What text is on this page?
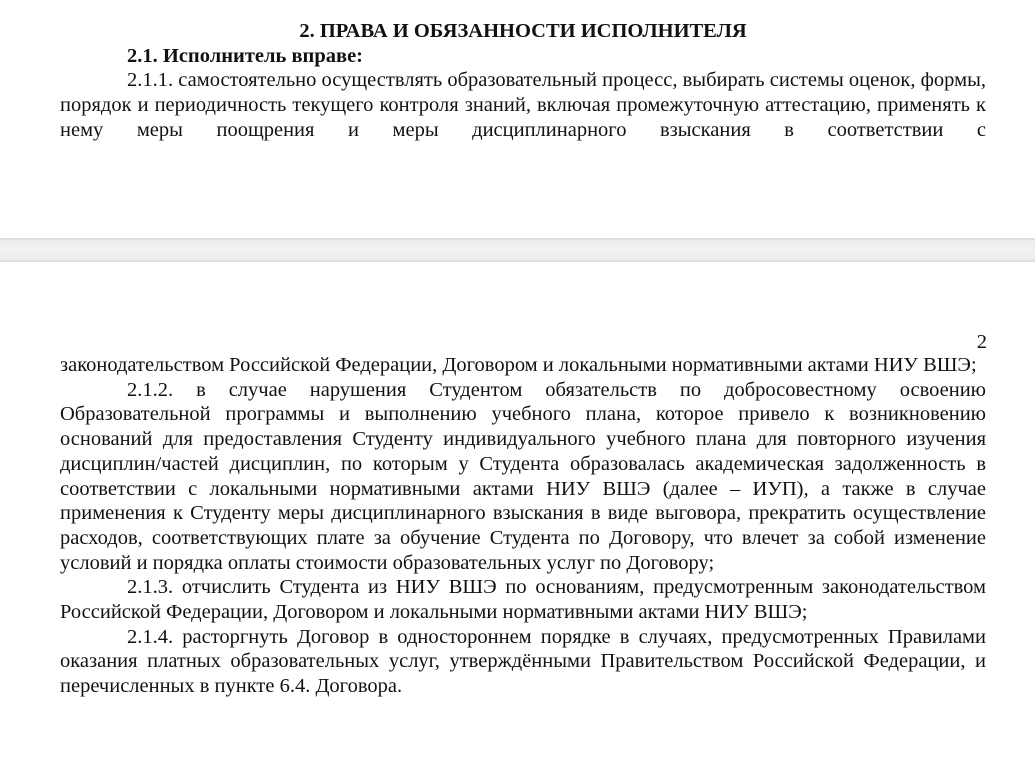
2. ПРАВА И ОБЯЗАННОСТИ ИСПОЛНИТЕЛЯ

2.1. Исполнитель вправе:

2.1.1. самостоятельно осуществлять образовательный процесс, выбирать системы оценок, формы, порядок и периодичность текущего контроля знаний, включая промежуточную аттестацию, применять к нему меры поощрения и меры дисциплинарного взыскания в соответствии с

2

законодательством Российской Федерации, Договором и локальными нормативными актами НИУ ВШЭ;

2.1.2. в случае нарушения Студентом обязательств по добросовестному освоению Образовательной программы и выполнению учебного плана, которое привело к возникновению оснований для предоставления Студенту индивидуального учебного плана для повторного изучения дисциплин/частей дисциплин, по которым у Студента образовалась академическая задолженность в соответствии с локальными нормативными актами НИУ ВШЭ (далее – ИУП), а также в случае применения к Студенту меры дисциплинарного взыскания в виде выговора, прекратить осуществление расходов, соответствующих плате за обучение Студента по Договору, что влечет за собой изменение условий и порядка оплаты стоимости образовательных услуг по Договору;

2.1.3. отчислить Студента из НИУ ВШЭ по основаниям, предусмотренным законодательством Российской Федерации, Договором и локальными нормативными актами НИУ ВШЭ;

2.1.4. расторгнуть Договор в одностороннем порядке в случаях, предусмотренных Правилами оказания платных образовательных услуг, утверждёнными Правительством Российской Федерации, и перечисленных в пункте 6.4. Договора.
